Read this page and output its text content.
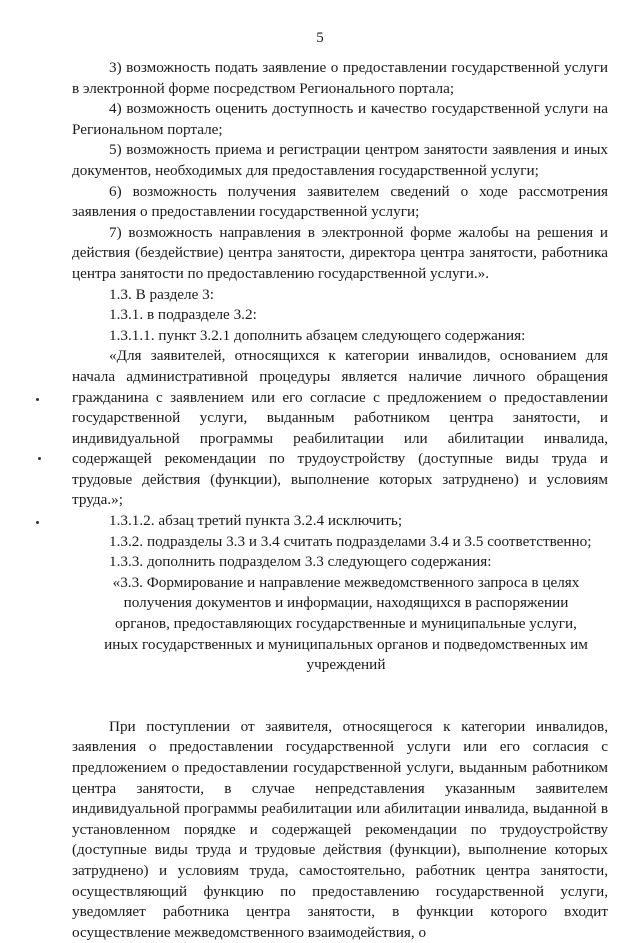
5

3) возможность подать заявление о предоставлении государственной услуги в электронной форме посредством Регионального портала;

4) возможность оценить доступность и качество государственной услуги на Региональном портале;

5) возможность приема и регистрации центром занятости заявления и иных документов, необходимых для предоставления государственной услуги;

6) возможность получения заявителем сведений о ходе рассмотрения заявления о предоставлении государственной услуги;

7) возможность направления в электронной форме жалобы на решения и действия (бездействие) центра занятости, директора центра занятости, работника центра занятости по предоставлению государственной услуги.».

1.3. В разделе 3:

1.3.1. в подразделе 3.2:

1.3.1.1. пункт 3.2.1 дополнить абзацем следующего содержания:

«Для заявителей, относящихся к категории инвалидов, основанием для начала административной процедуры является наличие личного обращения гражданина с заявлением или его согласие с предложением о предоставлении государственной услуги, выданным работником центра занятости, и индивидуальной программы реабилитации или абилитации инвалида, содержащей рекомендации по трудоустройству (доступные виды труда и трудовые действия (функции), выполнение которых затруднено) и условиям труда.»;

1.3.1.2. абзац третий пункта 3.2.4 исключить;

1.3.2. подразделы 3.3 и 3.4 считать подразделами 3.4 и 3.5 соответственно;

1.3.3. дополнить подразделом 3.3 следующего содержания:

«3.3. Формирование и направление межведомственного запроса в целях получения документов и информации, находящихся в распоряжении органов, предоставляющих государственные и муниципальные услуги, иных государственных и муниципальных органов и подведомственных им учреждений

При поступлении от заявителя, относящегося к категории инвалидов, заявления о предоставлении государственной услуги или его согласия с предложением о предоставлении государственной услуги, выданным работником центра занятости, в случае непредставления указанным заявителем индивидуальной программы реабилитации или абилитации инвалида, выданной в установленном порядке и содержащей рекомендации по трудоустройству (доступные виды труда и трудовые действия (функции), выполнение которых затруднено) и условиям труда, самостоятельно, работник центра занятости, осуществляющий функцию по предоставлению государственной услуги, уведомляет работника центра занятости, в функции которого входит осуществление межведомственного взаимодействия, о
